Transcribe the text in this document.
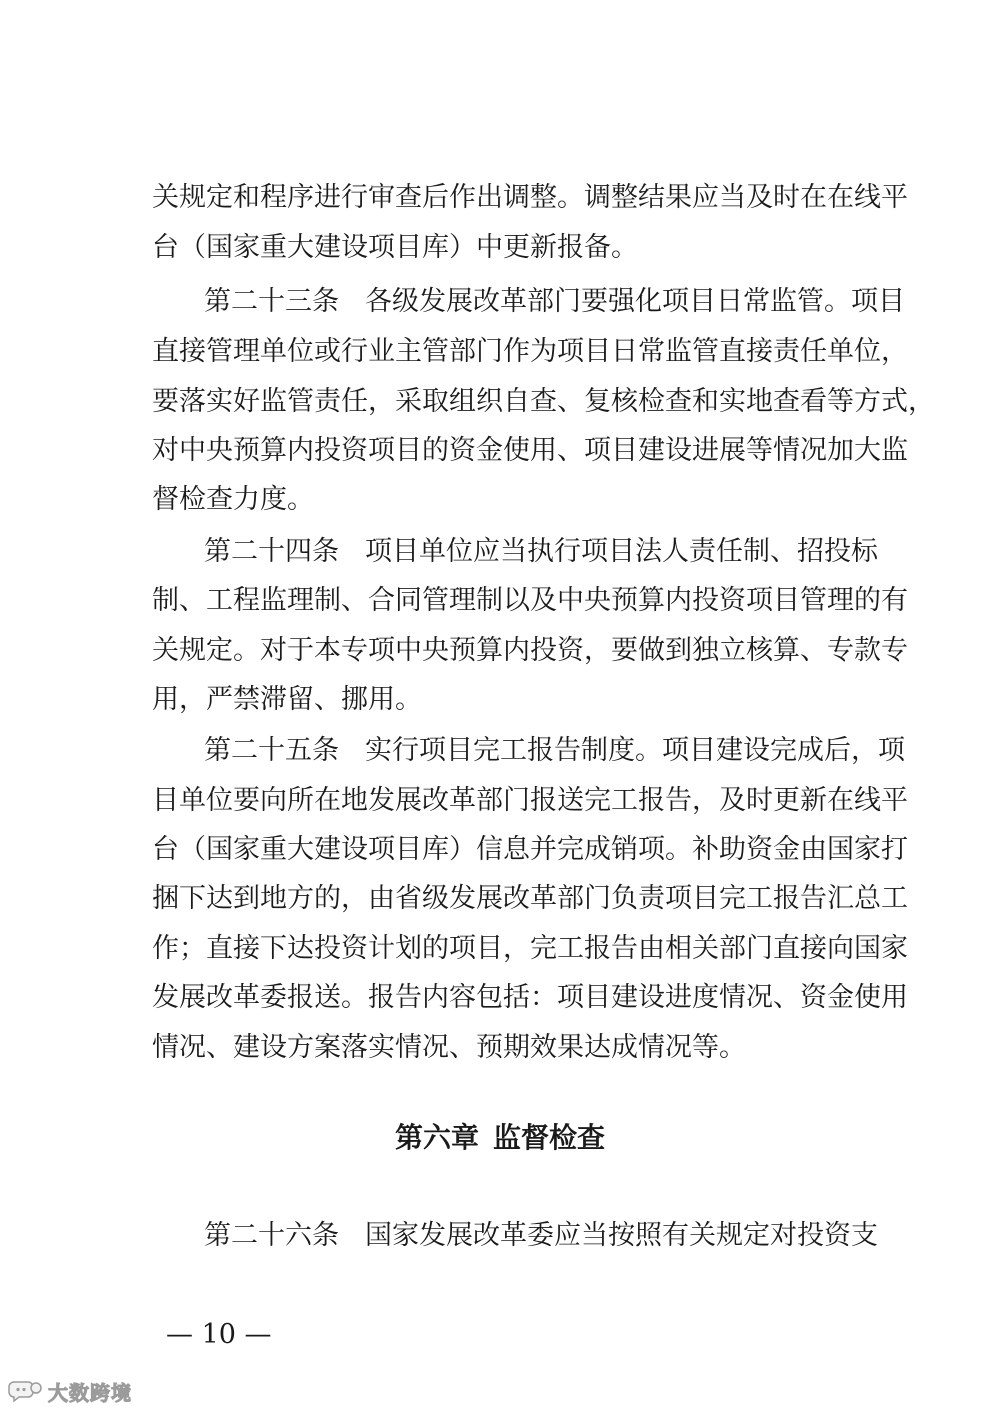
关规定和程序进行审查后作出调整。调整结果应当及时在在线平
台（国家重大建设项目库）中更新报备。
第二十三条 各级发展改革部门要强化项目日常监管。项目
直接管理单位或行业主管部门作为项目日常监管直接责任单位，
要落实好监管责任，采取组织自查、复核检查和实地查看等方式，
对中央预算内投资项目的资金使用、项目建设进展等情况加大监
督检查力度。
第二十四条 项目单位应当执行项目法人责任制、招投标
制、工程监理制、合同管理制以及中央预算内投资项目管理的有
关规定。对于本专项中央预算内投资，要做到独立核算、专款专
用，严禁滞留、挪用。
第二十五条 实行项目完工报告制度。项目建设完成后，项
目单位要向所在地发展改革部门报送完工报告，及时更新在线平
台（国家重大建设项目库）信息并完成销项。补助资金由国家打
捆下达到地方的，由省级发展改革部门负责项目完工报告汇总工
作；直接下达投资计划的项目，完工报告由相关部门直接向国家
发展改革委报送。报告内容包括：项目建设进度情况、资金使用
情况、建设方案落实情况、预期效果达成情况等。
第六章 监督检查
第二十六条 国家发展改革委应当按照有关规定对投资支
— 10 —
大数跨境
